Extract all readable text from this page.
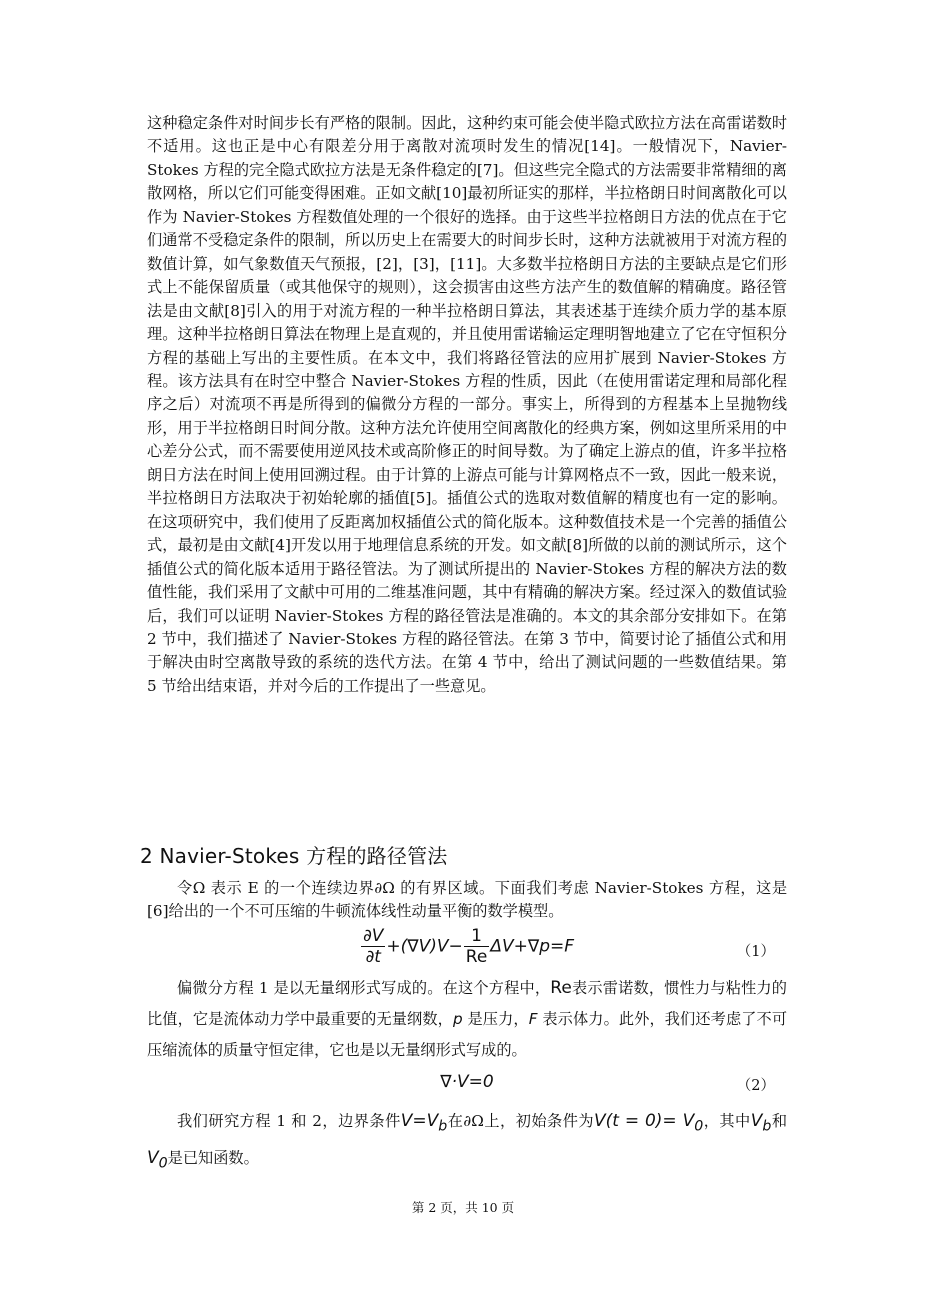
这种稳定条件对时间步长有严格的限制。因此，这种约束可能会使半隐式欧拉方法在高雷诺数时不适用。这也正是中心有限差分用于离散对流项时发生的情况[14]。一般情况下，Navier-Stokes 方程的完全隐式欧拉方法是无条件稳定的[7]。但这些完全隐式的方法需要非常精细的离散网格，所以它们可能变得困难。正如文献[10]最初所证实的那样，半拉格朗日时间离散化可以作为 Navier-Stokes 方程数值处理的一个很好的选择。由于这些半拉格朗日方法的优点在于它们通常不受稳定条件的限制，所以历史上在需要大的时间步长时，这种方法就被用于对流方程的数值计算，如气象数值天气预报，[2]，[3]，[11]。大多数半拉格朗日方法的主要缺点是它们形式上不能保留质量（或其他保守的规则），这会损害由这些方法产生的数值解的精确度。路径管法是由文献[8]引入的用于对流方程的一种半拉格朗日算法，其表述基于连续介质力学的基本原理。这种半拉格朗日算法在物理上是直观的，并且使用雷诺输运定理明智地建立了它在守恒积分方程的基础上写出的主要性质。在本文中，我们将路径管法的应用扩展到 Navier-Stokes 方程。该方法具有在时空中整合 Navier-Stokes 方程的性质，因此（在使用雷诺定理和局部化程序之后）对流项不再是所得到的偏微分方程的一部分。事实上，所得到的方程基本上呈抛物线形，用于半拉格朗日时间分散。这种方法允许使用空间离散化的经典方案，例如这里所采用的中心差分公式，而不需要使用逆风技术或高阶修正的时间导数。为了确定上游点的值，许多半拉格朗日方法在时间上使用回溯过程。由于计算的上游点可能与计算网格点不一致，因此一般来说，半拉格朗日方法取决于初始轮廓的插值[5]。插值公式的选取对数值解的精度也有一定的影响。在这项研究中，我们使用了反距离加权插值公式的简化版本。这种数值技术是一个完善的插值公式，最初是由文献[4]开发以用于地理信息系统的开发。如文献[8]所做的以前的测试所示，这个插值公式的简化版本适用于路径管法。为了测试所提出的 Navier-Stokes 方程的解决方法的数值性能，我们采用了文献中可用的二维基准问题，其中有精确的解决方案。经过深入的数值试验后，我们可以证明 Navier-Stokes 方程的路径管法是准确的。本文的其余部分安排如下。在第 2 节中，我们描述了 Navier-Stokes 方程的路径管法。在第 3 节中，简要讨论了插值公式和用于解决由时空离散导致的系统的迭代方法。在第 4 节中，给出了测试问题的一些数值结果。第 5 节给出结束语，并对今后的工作提出了一些意见。

2 Navier-Stokes 方程的路径管法

令Ω 表示 E 的一个连续边界∂Ω 的有界区域。下面我们考虑 Navier-Stokes 方程，这是[6]给出的一个不可压缩的牛顿流体线性动量平衡的数学模型。

$\frac{\partial V}{\partial t} +(\nabla V)V- \frac{1}{Re} \Delta V+\nabla p=F$	（1）

偏微分方程 1 是以无量纲形式写成的。在这个方程中，Re表示雷诺数，惯性力与粘性力的比值，它是流体动力学中最重要的无量纲数，p 是压力，F 表示体力。此外，我们还考虑了不可压缩流体的质量守恒定律，它也是以无量纲形式写成的。

∇·V=0	（2）

我们研究方程 1 和 2，边界条件$V=V_b$在∂Ω上，初始条件为$V(t = 0)= V_0$，其中$V_b$和$V_0$是已知函数。

第 2 页，共 10 页
